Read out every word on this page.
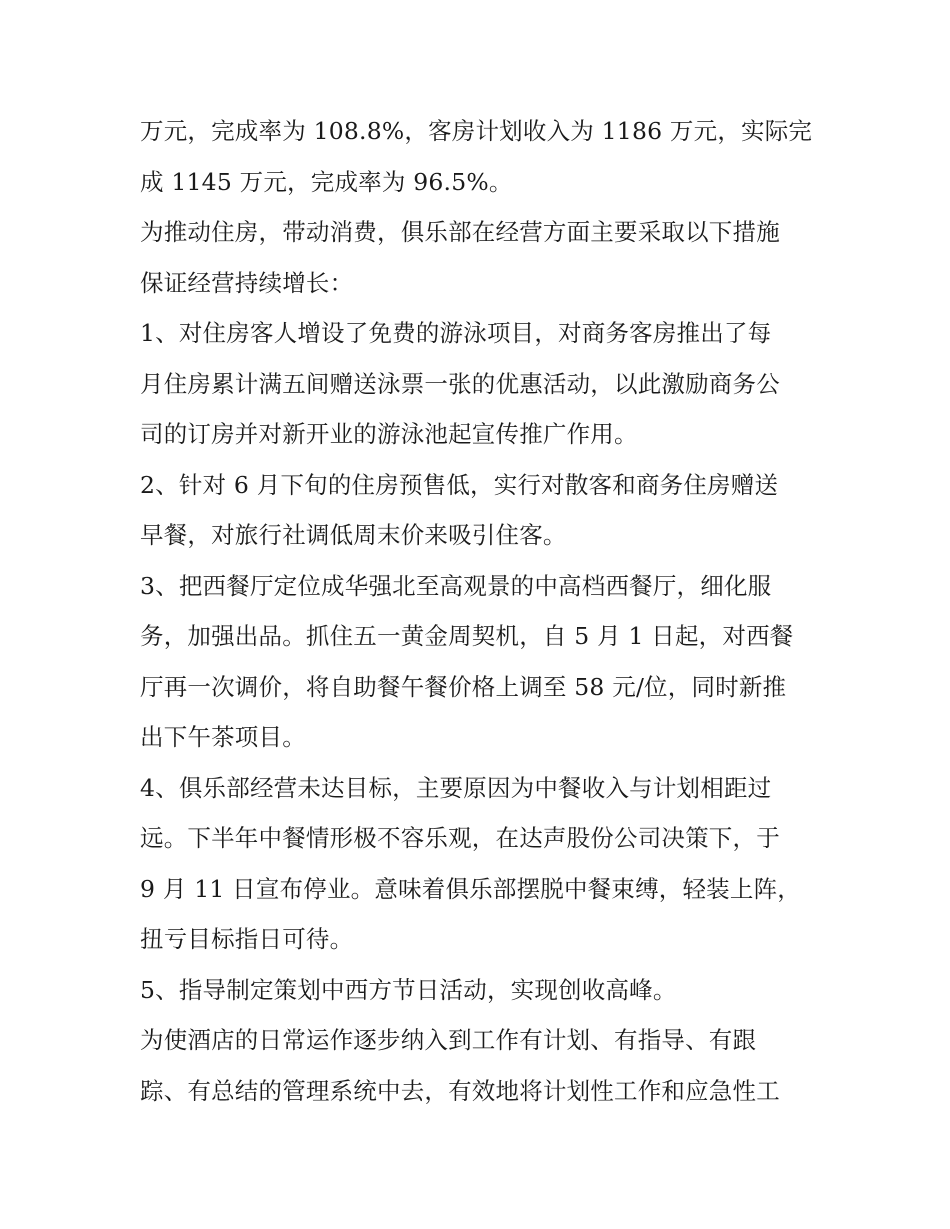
万元，完成率为 108.8%，客房计划收入为 1186 万元，实际完
成 1145 万元，完成率为 96.5%。
为推动住房，带动消费，俱乐部在经营方面主要采取以下措施
保证经营持续增长：
1、对住房客人增设了免费的游泳项目，对商务客房推出了每
月住房累计满五间赠送泳票一张的优惠活动，以此激励商务公
司的订房并对新开业的游泳池起宣传推广作用。
2、针对 6 月下旬的住房预售低，实行对散客和商务住房赠送
早餐，对旅行社调低周末价来吸引住客。
3、把西餐厅定位成华强北至高观景的中高档西餐厅，细化服
务，加强出品。抓住五一黄金周契机，自 5 月 1 日起，对西餐
厅再一次调价，将自助餐午餐价格上调至 58 元/位，同时新推
出下午茶项目。
4、俱乐部经营未达目标，主要原因为中餐收入与计划相距过
远。下半年中餐情形极不容乐观，在达声股份公司决策下，于
9 月 11 日宣布停业。意味着俱乐部摆脱中餐束缚，轻装上阵，
扭亏目标指日可待。
5、指导制定策划中西方节日活动，实现创收高峰。
为使酒店的日常运作逐步纳入到工作有计划、有指导、有跟
踪、有总结的管理系统中去，有效地将计划性工作和应急性工
